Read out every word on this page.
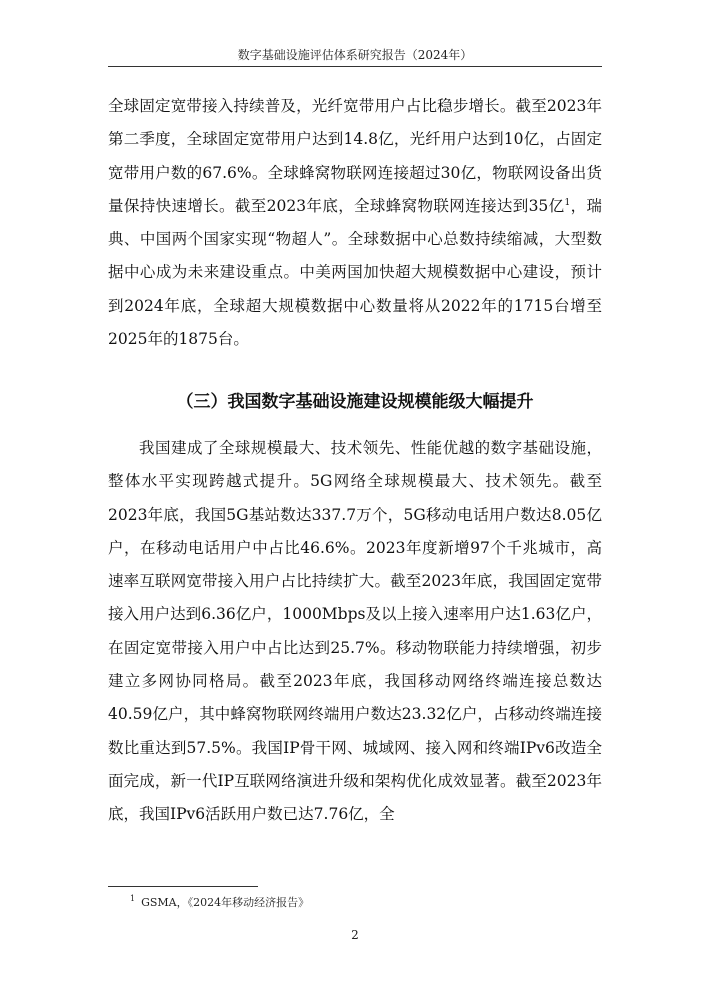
数字基础设施评估体系研究报告（2024年）

全球固定宽带接入持续普及，光纤宽带用户占比稳步增长。截至2023年第二季度，全球固定宽带用户达到14.8亿，光纤用户达到10亿，占固定宽带用户数的67.6%。全球蜂窝物联网连接超过30亿，物联网设备出货量保持快速增长。截至2023年底，全球蜂窝物联网连接达到35亿$^1$，瑞典、中国两个国家实现“物超人”。全球数据中心总数持续缩减，大型数据中心成为未来建设重点。中美两国加快超大规模数据中心建设，预计到2024年底，全球超大规模数据中心数量将从2022年的1715台增至2025年的1875台。

（三）我国数字基础设施建设规模能级大幅提升

我国建成了全球规模最大、技术领先、性能优越的数字基础设施，整体水平实现跨越式提升。5G网络全球规模最大、技术领先。截至2023年底，我国5G基站数达337.7万个，5G移动电话用户数达8.05亿户，在移动电话用户中占比46.6%。2023年度新增97个千兆城市，高速率互联网宽带接入用户占比持续扩大。截至2023年底，我国固定宽带接入用户达到6.36亿户，1000Mbps及以上接入速率用户达1.63亿户，在固定宽带接入用户中占比达到25.7%。移动物联能力持续增强，初步建立多网协同格局。截至2023年底，我国移动网络终端连接总数达40.59亿户，其中蜂窝物联网终端用户数达23.32亿户，占移动终端连接数比重达到57.5%。我国IP骨干网、城域网、接入网和终端IPv6改造全面完成，新一代IP互联网络演进升级和架构优化成效显著。截至2023年底，我国IPv6活跃用户数已达7.76亿，全

$^1$ GSMA，《2024年移动经济报告》
2
